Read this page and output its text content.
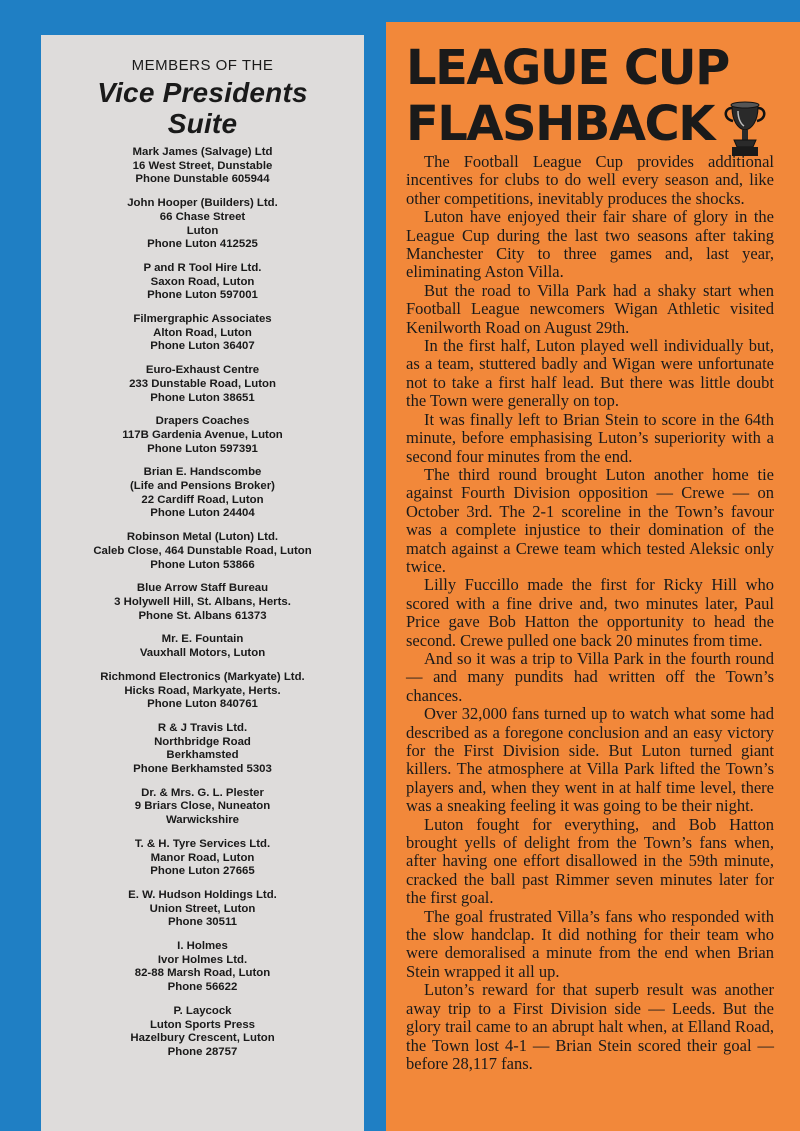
MEMBERS OF THE
Vice Presidents
Suite
Mark James (Salvage) Ltd
16 West Street, Dunstable
Phone Dunstable 605944
John Hooper (Builders) Ltd.
66 Chase Street
Luton
Phone Luton 412525
P and R Tool Hire Ltd.
Saxon Road, Luton
Phone Luton 597001
Filmergraphic Associates
Alton Road, Luton
Phone Luton 36407
Euro-Exhaust Centre
233 Dunstable Road, Luton
Phone Luton 38651
Drapers Coaches
117B Gardenia Avenue, Luton
Phone Luton 597391
Brian E. Handscombe
(Life and Pensions Broker)
22 Cardiff Road, Luton
Phone Luton 24404
Robinson Metal (Luton) Ltd.
Caleb Close, 464 Dunstable Road, Luton
Phone Luton 53866
Blue Arrow Staff Bureau
3 Holywell Hill, St. Albans, Herts.
Phone St. Albans 61373
Mr. E. Fountain
Vauxhall Motors, Luton
Richmond Electronics (Markyate) Ltd.
Hicks Road, Markyate, Herts.
Phone Luton 840761
R & J Travis Ltd.
Northbridge Road
Berkhamsted
Phone Berkhamsted 5303
Dr. & Mrs. G. L. Plester
9 Briars Close, Nuneaton
Warwickshire
T. & H. Tyre Services Ltd.
Manor Road, Luton
Phone Luton 27665
E. W. Hudson Holdings Ltd.
Union Street, Luton
Phone 30511
I. Holmes
Ivor Holmes Ltd.
82-88 Marsh Road, Luton
Phone 56622
P. Laycock
Luton Sports Press
Hazelbury Crescent, Luton
Phone 28757
LEAGUE CUP
FLASHBACK

The Football League Cup provides additional incentives for clubs to do well every season and, like other competitions, inevitably produces the shocks.

Luton have enjoyed their fair share of glory in the League Cup during the last two seasons after taking Manchester City to three games and, last year, eliminating Aston Villa.

But the road to Villa Park had a shaky start when Football League newcomers Wigan Athletic visited Kenilworth Road on August 29th.

In the first half, Luton played well individually but, as a team, stuttered badly and Wigan were unfortunate not to take a first half lead. But there was little doubt the Town were generally on top.

It was finally left to Brian Stein to score in the 64th minute, before emphasising Luton’s superiority with a second four minutes from the end.

The third round brought Luton another home tie against Fourth Division opposition — Crewe — on October 3rd. The 2-1 scoreline in the Town’s favour was a complete injustice to their domination of the match against a Crewe team which tested Aleksic only twice.

Lilly Fuccillo made the first for Ricky Hill who scored with a fine drive and, two minutes later, Paul Price gave Bob Hatton the opportunity to head the second. Crewe pulled one back 20 minutes from time.

And so it was a trip to Villa Park in the fourth round — and many pundits had written off the Town’s chances.

Over 32,000 fans turned up to watch what some had described as a foregone conclusion and an easy victory for the First Division side. But Luton turned giant killers. The atmosphere at Villa Park lifted the Town’s players and, when they went in at half time level, there was a sneaking feeling it was going to be their night.

Luton fought for everything, and Bob Hatton brought yells of delight from the Town’s fans when, after having one effort disallowed in the 59th minute, cracked the ball past Rimmer seven minutes later for the first goal.

The goal frustrated Villa’s fans who responded with the slow handclap. It did nothing for their team who were demoralised a minute from the end when Brian Stein wrapped it all up.

Luton’s reward for that superb result was another away trip to a First Division side — Leeds. But the glory trail came to an abrupt halt when, at Elland Road, the Town lost 4-1 — Brian Stein scored their goal — before 28,117 fans.
